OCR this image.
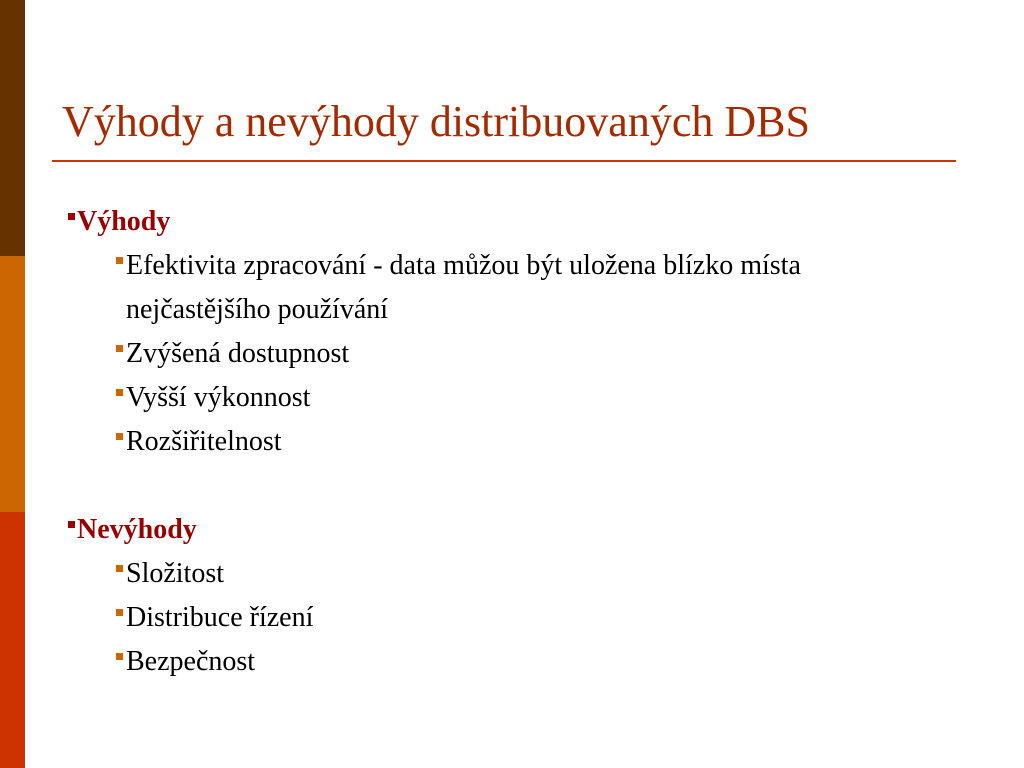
Výhody a nevýhody distribuovaných DBS
Výhody
Efektivita zpracování - data můžou být uložena blízko místa nejčastějšího používání
Zvýšená dostupnost
Vyšší výkonnost
Rozšiřitelnost
Nevýhody
Složitost
Distribuce řízení
Bezpečnost
